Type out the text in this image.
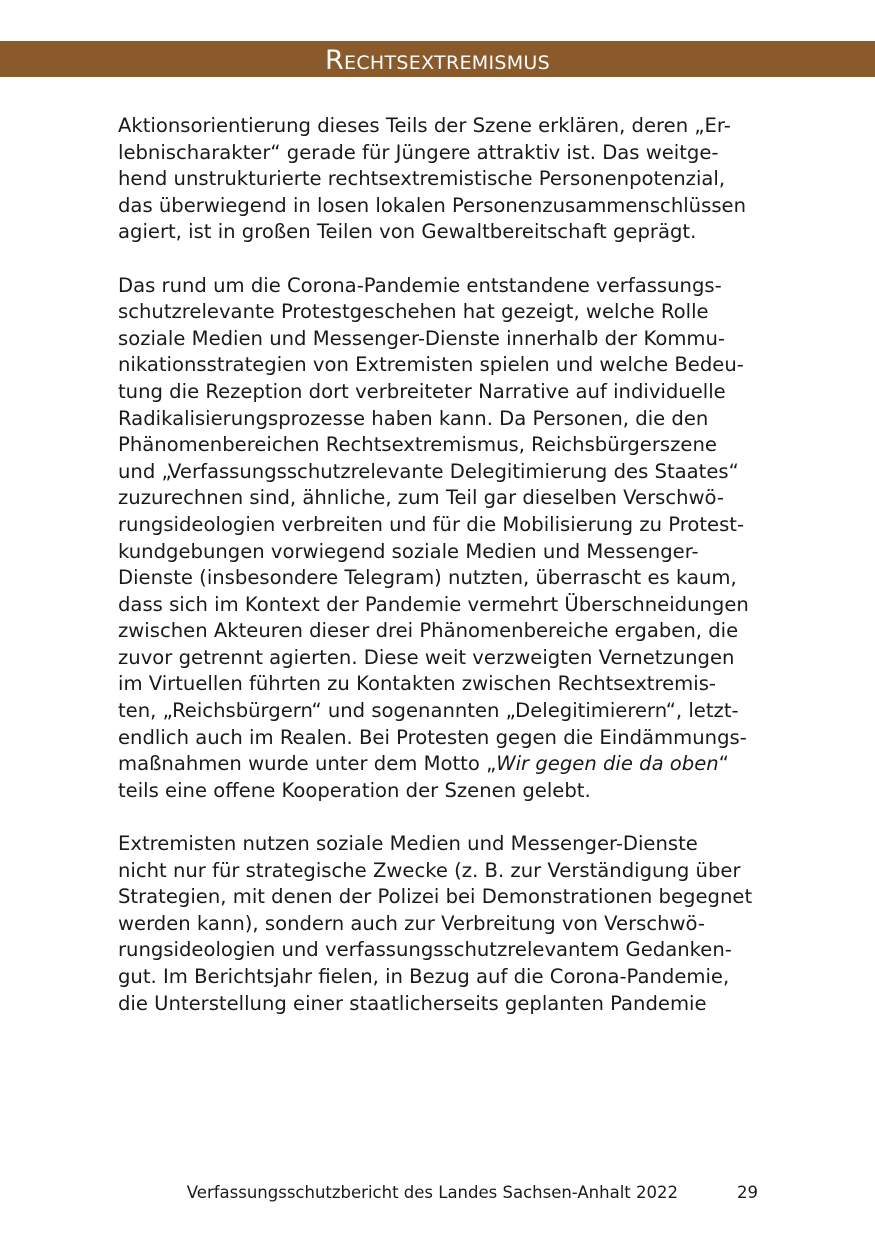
Rechtsextremismus
Aktionsorientierung dieses Teils der Szene erklären, deren „Er-
lebnischarakter“ gerade für Jüngere attraktiv ist. Das weitge-
hend unstrukturierte rechtsextremistische Personenpotenzial,
das überwiegend in losen lokalen Personenzusammenschlüssen
agiert, ist in großen Teilen von Gewaltbereitschaft geprägt.
Das rund um die Corona-Pandemie entstandene verfassungs-
schutzrelevante Protestgeschehen hat gezeigt, welche Rolle
soziale Medien und Messenger-Dienste innerhalb der Kommu-
nikationsstrategien von Extremisten spielen und welche Bedeu-
tung die Rezeption dort verbreiteter Narrative auf individuelle
Radikalisierungsprozesse haben kann. Da Personen, die den
Phänomenbereichen Rechtsextremismus, Reichsbürgerszene
und „Verfassungsschutzrelevante Delegitimierung des Staates“
zuzurechnen sind, ähnliche, zum Teil gar dieselben Verschwö-
rungsideologien verbreiten und für die Mobilisierung zu Protest-
kundgebungen vorwiegend soziale Medien und Messenger-
Dienste (insbesondere Telegram) nutzten, überrascht es kaum,
dass sich im Kontext der Pandemie vermehrt Überschneidungen
zwischen Akteuren dieser drei Phänomenbereiche ergaben, die
zuvor getrennt agierten. Diese weit verzweigten Vernetzungen
im Virtuellen führten zu Kontakten zwischen Rechtsextremis-
ten, „Reichsbürgern“ und sogenannten „Delegitimierern“, letzt-
endlich auch im Realen. Bei Protesten gegen die Eindämmungs-
maßnahmen wurde unter dem Motto „Wir gegen die da oben“
teils eine offene Kooperation der Szenen gelebt.
Extremisten nutzen soziale Medien und Messenger-Dienste
nicht nur für strategische Zwecke (z. B. zur Verständigung über
Strategien, mit denen der Polizei bei Demonstrationen begegnet
werden kann), sondern auch zur Verbreitung von Verschwö-
rungsideologien und verfassungsschutzrelevantem Gedanken-
gut. Im Berichtsjahr fielen, in Bezug auf die Corona-Pandemie,
die Unterstellung einer staatlicherseits geplanten Pandemie
Verfassungsschutzbericht des Landes Sachsen-Anhalt 2022	29
